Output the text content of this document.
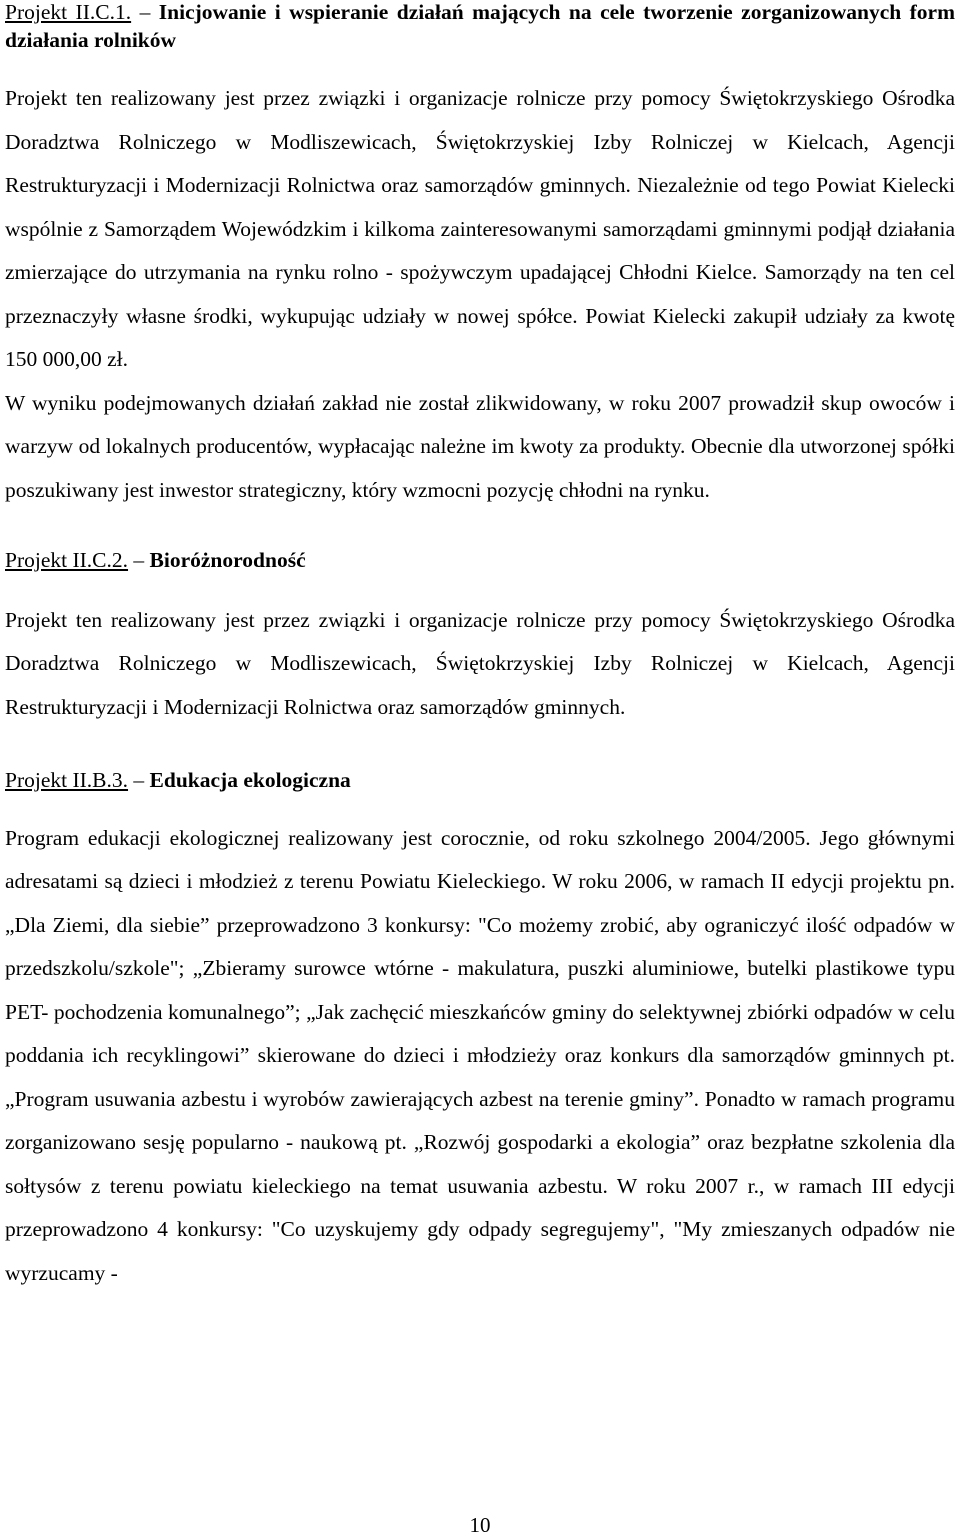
Projekt II.C.1. – Inicjowanie i wspieranie działań mających na cele tworzenie zorganizowanych form działania rolników

Projekt ten realizowany jest przez związki i organizacje rolnicze przy pomocy Świętokrzyskiego Ośrodka Doradztwa Rolniczego w Modliszewicach, Świętokrzyskiej Izby Rolniczej w Kielcach, Agencji Restrukturyzacji i Modernizacji Rolnictwa oraz samorządów gminnych. Niezależnie od tego Powiat Kielecki wspólnie z Samorządem Wojewódzkim i kilkoma zainteresowanymi samorządami gminnymi podjął działania zmierzające do utrzymania na rynku rolno - spożywczym upadającej Chłodni Kielce. Samorządy na ten cel przeznaczyły własne środki, wykupując udziały w nowej spółce. Powiat Kielecki zakupił udziały za kwotę 150 000,00 zł.

W wyniku podejmowanych działań zakład nie został zlikwidowany, w roku 2007 prowadził skup owoców i warzyw od lokalnych producentów, wypłacając należne im kwoty za produkty. Obecnie dla utworzonej spółki poszukiwany jest inwestor strategiczny, który wzmocni pozycję chłodni na rynku.

Projekt II.C.2. – Bioróżnorodność

Projekt ten realizowany jest przez związki i organizacje rolnicze przy pomocy Świętokrzyskiego Ośrodka Doradztwa Rolniczego w Modliszewicach, Świętokrzyskiej Izby Rolniczej w Kielcach, Agencji Restrukturyzacji i Modernizacji Rolnictwa oraz samorządów gminnych.

Projekt II.B.3. – Edukacja ekologiczna

Program edukacji ekologicznej realizowany jest corocznie, od roku szkolnego 2004/2005. Jego głównymi adresatami są dzieci i młodzież z terenu Powiatu Kieleckiego. W roku 2006, w ramach II edycji projektu pn. „Dla Ziemi, dla siebie” przeprowadzono 3 konkursy: "Co możemy zrobić, aby ograniczyć ilość odpadów w przedszkolu/szkole"; „Zbieramy surowce wtórne - makulatura, puszki aluminiowe, butelki plastikowe typu PET- pochodzenia komunalnego”; „Jak zachęcić mieszkańców gminy do selektywnej zbiórki odpadów w celu poddania ich recyklingowi” skierowane do dzieci i młodzieży oraz konkurs dla samorządów gminnych pt. „Program usuwania azbestu i wyrobów zawierających azbest na terenie gminy”. Ponadto w ramach programu zorganizowano sesję popularno - naukową pt. „Rozwój gospodarki a ekologia” oraz bezpłatne szkolenia dla sołtysów z terenu powiatu kieleckiego na temat usuwania azbestu. W roku 2007 r., w ramach III edycji przeprowadzono 4 konkursy: "Co uzyskujemy gdy odpady segregujemy", "My zmieszanych odpadów nie wyrzucamy -

10
